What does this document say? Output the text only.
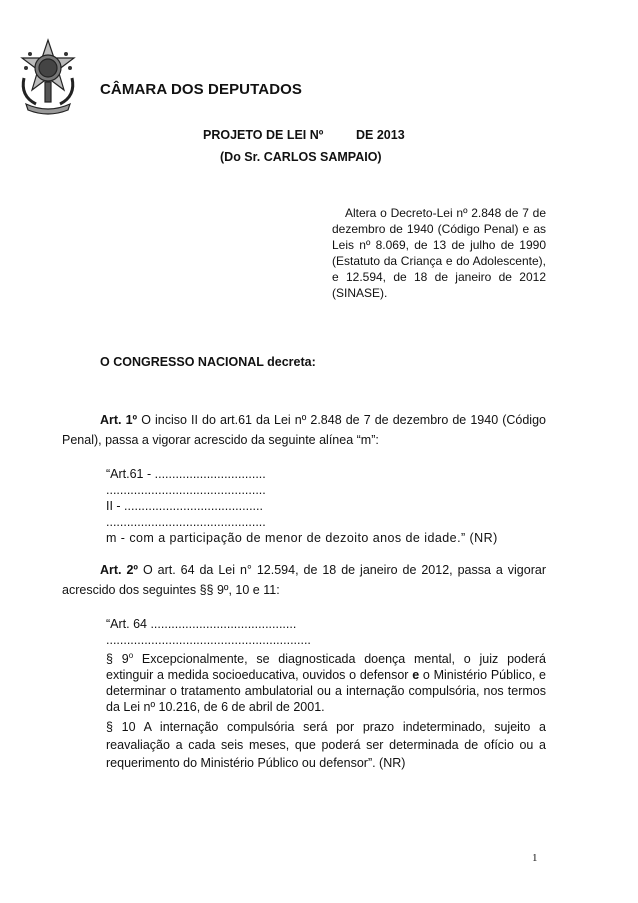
CÂMARA DOS DEPUTADOS
PROJETO DE LEI Nº	DE 2013
(Do Sr. CARLOS SAMPAIO)
Altera o Decreto-Lei nº 2.848 de 7 de dezembro de 1940 (Código Penal) e as Leis nº 8.069, de 13 de julho de 1990 (Estatuto da Criança e do Adolescente), e 12.594, de 18 de janeiro de 2012 (SINASE).
O CONGRESSO NACIONAL decreta:
Art. 1º O inciso II do art.61 da Lei nº 2.848 de 7 de dezembro de 1940 (Código Penal), passa a vigorar acrescido da seguinte alínea “m”:
“Art.61 - ................................
..............................................
II - ........................................
..............................................
m - com a participação de menor de dezoito anos de idade.” (NR)
Art. 2º O art. 64 da Lei n° 12.594, de 18 de janeiro de 2012, passa a vigorar acrescido dos seguintes §§ 9º, 10 e 11:
“Art. 64 ..........................................
...........................................................
§ 9$^o$ Excepcionalmente, se diagnosticada doença mental, o juiz poderá extinguir a medida socioeducativa, ouvidos o defensor e o Ministério Público, e determinar o tratamento ambulatorial ou a internação compulsória, nos termos da Lei nº 10.216, de 6 de abril de 2001.
§ 10 A internação compulsória será por prazo indeterminado, sujeito a reavaliação a cada seis meses, que poderá ser determinada de ofício ou a requerimento do Ministério Público ou defensor”. (NR)
1
